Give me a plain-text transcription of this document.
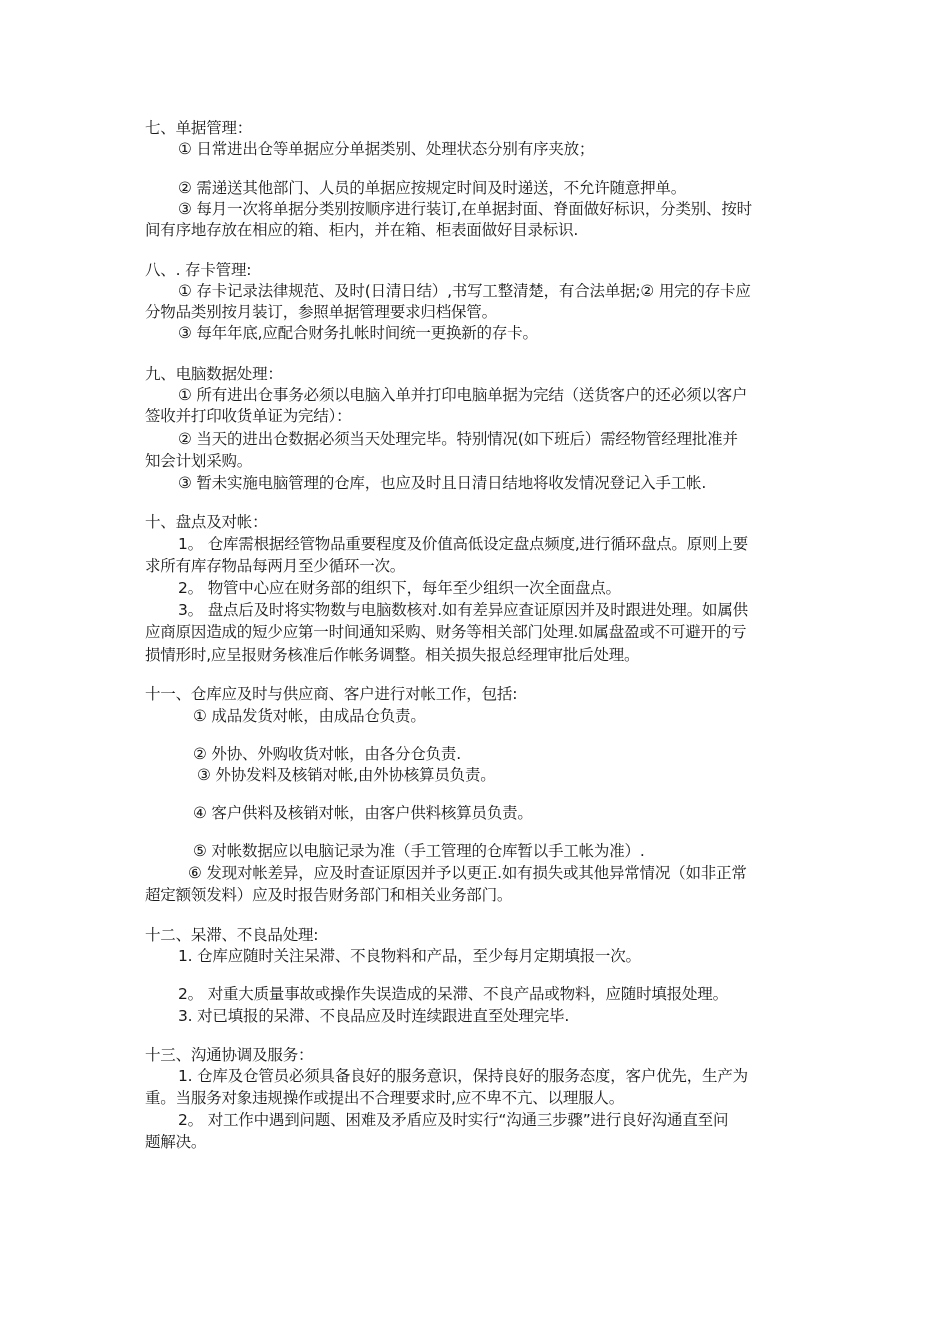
七、单据管理：

① 日常进出仓等单据应分单据类别、处理状态分别有序夹放；

② 需递送其他部门、人员的单据应按规定时间及时递送，不允许随意押单。

③ 每月一次将单据分类别按顺序进行装订,在单据封面、脊面做好标识，分类别、按时

间有序地存放在相应的箱、柜内，并在箱、柜表面做好目录标识.

八、. 存卡管理:

① 存卡记录法律规范、及时(日清日结）,书写工整清楚，有合法单据;② 用完的存卡应

分物品类别按月装订，参照单据管理要求归档保管。

③ 每年年底,应配合财务扎帐时间统一更换新的存卡。

九、电脑数据处理：

① 所有进出仓事务必须以电脑入单并打印电脑单据为完结（送货客户的还必须以客户

签收并打印收货单证为完结）：

② 当天的进出仓数据必须当天处理完毕。特别情况(如下班后）需经物管经理批准并

知会计划采购。

③ 暂未实施电脑管理的仓库，也应及时且日清日结地将收发情况登记入手工帐.

十、盘点及对帐：

1。 仓库需根据经管物品重要程度及价值高低设定盘点频度,进行循环盘点。原则上要

求所有库存物品每两月至少循环一次。

2。 物管中心应在财务部的组织下，每年至少组织一次全面盘点。

3。 盘点后及时将实物数与电脑数核对.如有差异应查证原因并及时跟进处理。如属供

应商原因造成的短少应第一时间通知采购、财务等相关部门处理.如属盘盈或不可避开的亏

损情形时,应呈报财务核准后作帐务调整。相关损失报总经理审批后处理。

十一、仓库应及时与供应商、客户进行对帐工作，包括:

① 成品发货对帐，由成品仓负责。

② 外协、外购收货对帐，由各分仓负责.

③ 外协发料及核销对帐,由外协核算员负责。

④ 客户供料及核销对帐，由客户供料核算员负责。

⑤ 对帐数据应以电脑记录为准（手工管理的仓库暂以手工帐为准）.

⑥ 发现对帐差异，应及时查证原因并予以更正.如有损失或其他异常情况（如非正常

超定额领发料）应及时报告财务部门和相关业务部门。

十二、呆滞、不良品处理:

1. 仓库应随时关注呆滞、不良物料和产品，至少每月定期填报一次。

2。 对重大质量事故或操作失误造成的呆滞、不良产品或物料，应随时填报处理。

3. 对已填报的呆滞、不良品应及时连续跟进直至处理完毕.

十三、沟通协调及服务：

1. 仓库及仓管员必须具备良好的服务意识，保持良好的服务态度，客户优先，生产为

重。当服务对象违规操作或提出不合理要求时,应不卑不亢、以理服人。

2。 对工作中遇到问题、困难及矛盾应及时实行“沟通三步骤”进行良好沟通直至问

题解决。
